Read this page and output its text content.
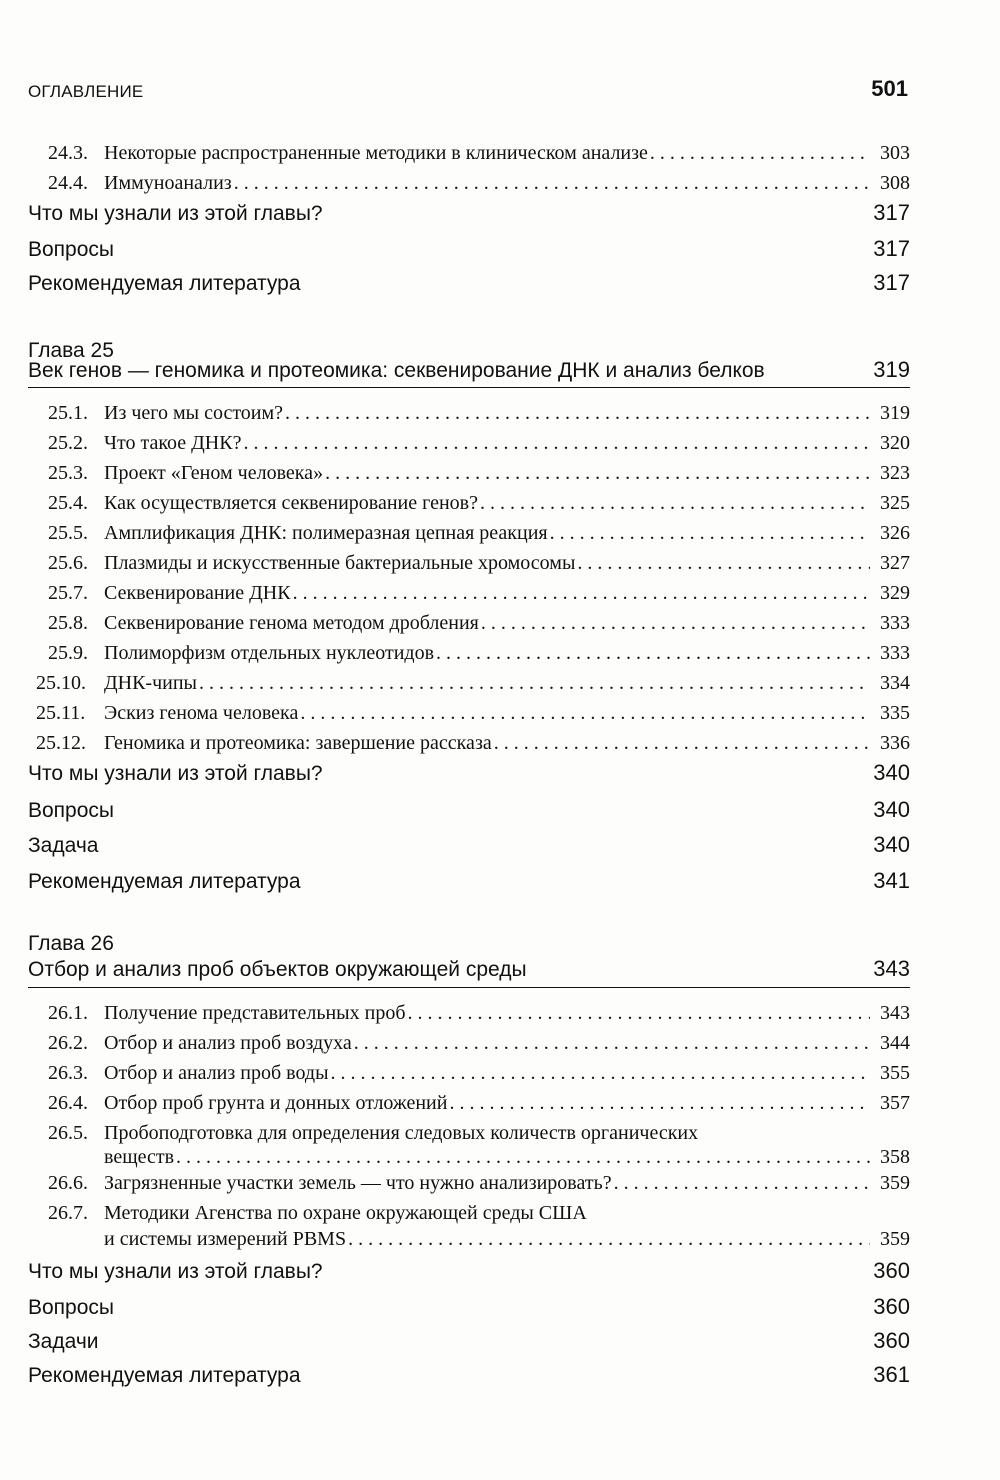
ОГЛАВЛЕНИЕ	501
24.3. Некоторые распространенные методики в клиническом анализе . . .	303
24.4. Иммуноанализ . . .	308
Что мы узнали из этой главы?	317
Вопросы	317
Рекомендуемая литература	317
Глава 25
Век генов — геномика и протеомика: секвенирование ДНК и анализ белков	319
25.1. Из чего мы состоим? . . .	319
25.2. Что такое ДНК? . . .	320
25.3. Проект «Геном человека» . . .	323
25.4. Как осуществляется секвенирование генов? . . .	325
25.5. Амплификация ДНК: полимеразная цепная реакция . . .	326
25.6. Плазмиды и искусственные бактериальные хромосомы . . .	327
25.7. Секвенирование ДНК . . .	329
25.8. Секвенирование генома методом дробления . . .	333
25.9. Полиморфизм отдельных нуклеотидов . . .	333
25.10. ДНК-чипы . . .	334
25.11. Эскиз генома человека . . .	335
25.12. Геномика и протеомика: завершение рассказа . . .	336
Что мы узнали из этой главы?	340
Вопросы	340
Задача	340
Рекомендуемая литература	341
Глава 26
Отбор и анализ проб объектов окружающей среды	343
26.1. Получение представительных проб . . .	343
26.2. Отбор и анализ проб воздуха . . .	344
26.3. Отбор и анализ проб воды . . .	355
26.4. Отбор проб грунта и донных отложений . . .	357
26.5. Пробоподготовка для определения следовых количеств органических
веществ . . .	358
26.6. Загрязненные участки земель — что нужно анализировать? . . .	359
26.7. Методики Агенства по охране окружающей среды США
и системы измерений PBMS . . .	359
Что мы узнали из этой главы?	360
Вопросы	360
Задачи	360
Рекомендуемая литература	361
